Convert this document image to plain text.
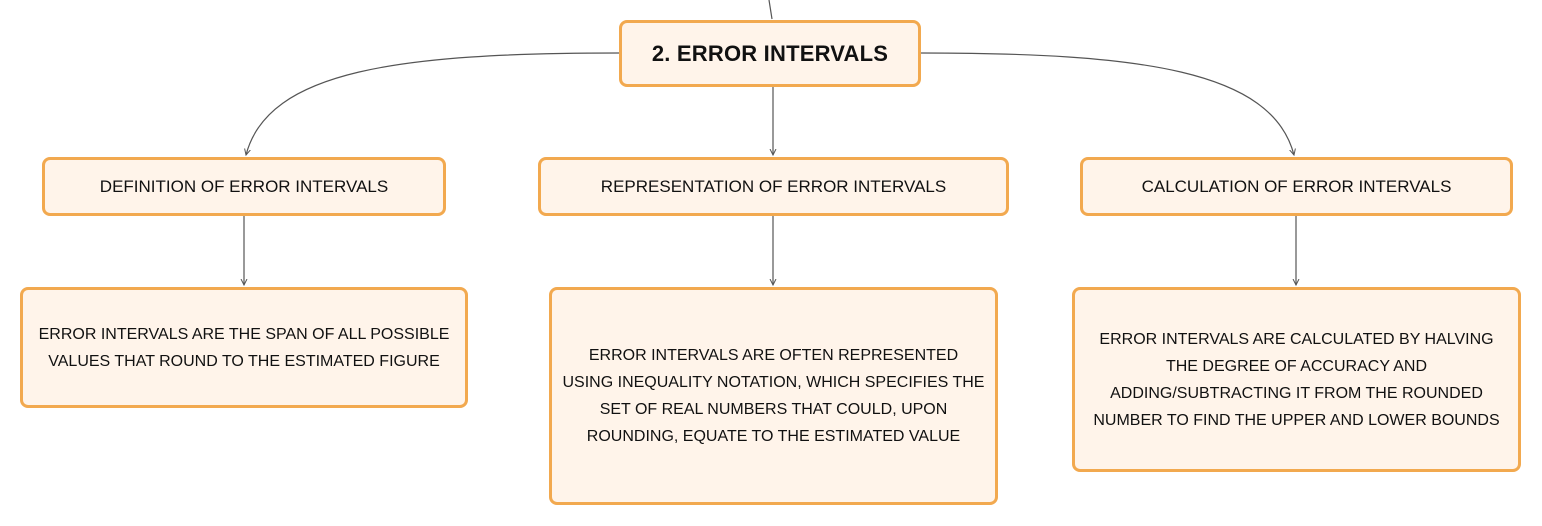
2. ERROR INTERVALS
DEFINITION OF ERROR INTERVALS	REPRESENTATION OF ERROR INTERVALS	CALCULATION OF ERROR INTERVALS
ERROR INTERVALS ARE THE SPAN OF ALL POSSIBLE VALUES THAT ROUND TO THE ESTIMATED FIGURE	ERROR INTERVALS ARE OFTEN REPRESENTED USING INEQUALITY NOTATION, WHICH SPECIFIES THE SET OF REAL NUMBERS THAT COULD, UPON ROUNDING, EQUATE TO THE ESTIMATED VALUE
ERROR INTERVALS ARE CALCULATED BY HALVING THE DEGREE OF ACCURACY AND ADDING/SUBTRACTING IT FROM THE ROUNDED NUMBER TO FIND THE UPPER AND LOWER BOUNDS
